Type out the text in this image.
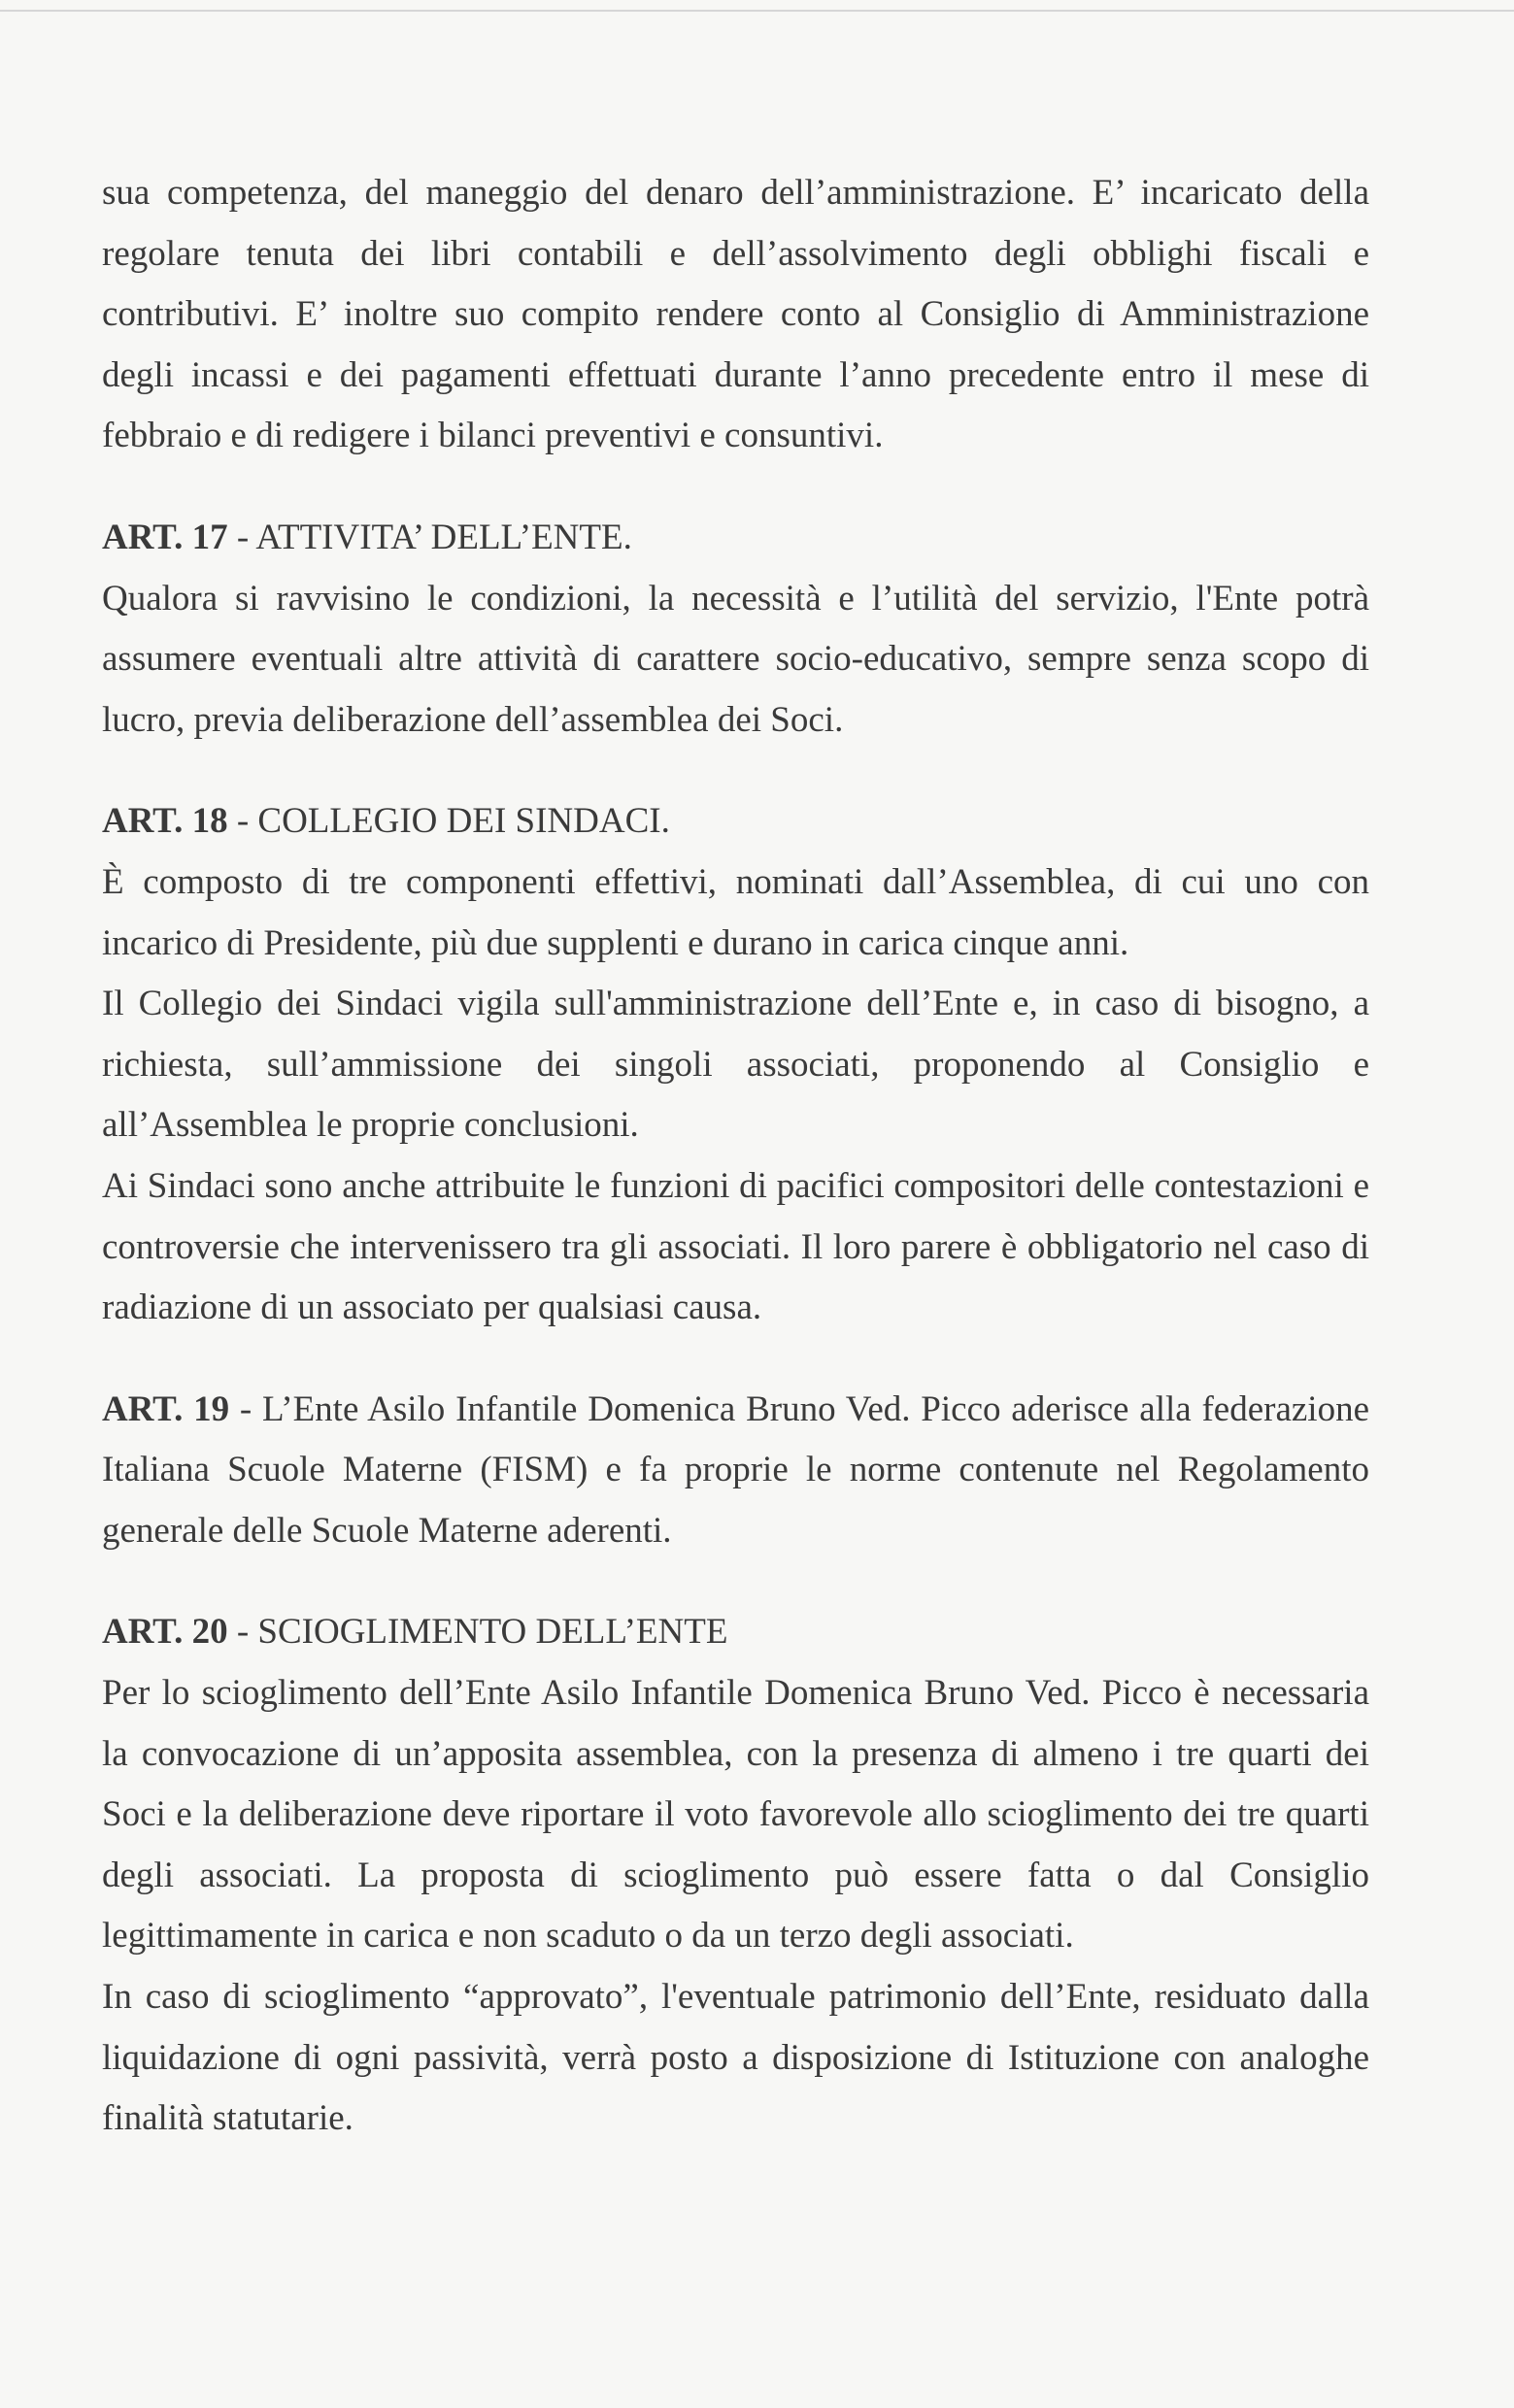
sua competenza, del maneggio del denaro dell’amministrazione. E’ incaricato della regolare tenuta dei libri contabili e dell’assolvimento degli obblighi fiscali e contributivi. E’ inoltre suo compito rendere conto al Consiglio di Amministrazione degli incassi e dei pagamenti effettuati durante l’anno precedente entro il mese di febbraio e di redigere i bilanci preventivi e consuntivi.

ART. 17 - ATTIVITA’ DELL’ENTE.

Qualora si ravvisino le condizioni, la necessità e l’utilità del servizio, l'Ente potrà assumere eventuali altre attività di carattere socio-educativo, sempre senza scopo di lucro, previa deliberazione dell’assemblea dei Soci.

ART. 18 - COLLEGIO DEI SINDACI.

È composto di tre componenti effettivi, nominati dall’Assemblea, di cui uno con incarico di Presidente, più due supplenti e durano in carica cinque anni.

Il Collegio dei Sindaci vigila sull'amministrazione dell’Ente e, in caso di bisogno, a richiesta, sull’ammissione dei singoli associati, proponendo al Consiglio e all’Assemblea le proprie conclusioni.

Ai Sindaci sono anche attribuite le funzioni di pacifici compositori delle contestazioni e controversie che intervenissero tra gli associati. Il loro parere è obbligatorio nel caso di radiazione di un associato per qualsiasi causa.

ART. 19 - L’Ente Asilo Infantile Domenica Bruno Ved. Picco aderisce alla federazione Italiana Scuole Materne (FISM) e fa proprie le norme contenute nel Regolamento generale delle Scuole Materne aderenti.

ART. 20 - SCIOGLIMENTO DELL’ENTE

Per lo scioglimento dell’Ente Asilo Infantile Domenica Bruno Ved. Picco è necessaria la convocazione di un’apposita assemblea, con la presenza di almeno i tre quarti dei Soci e la deliberazione deve riportare il voto favorevole allo scioglimento dei tre quarti degli associati. La proposta di scioglimento può essere fatta o dal Consiglio legittimamente in carica e non scaduto o da un terzo degli associati.

In caso di scioglimento “approvato”, l'eventuale patrimonio dell’Ente, residuato dalla liquidazione di ogni passività, verrà posto a disposizione di Istituzione con analoghe finalità statutarie.
